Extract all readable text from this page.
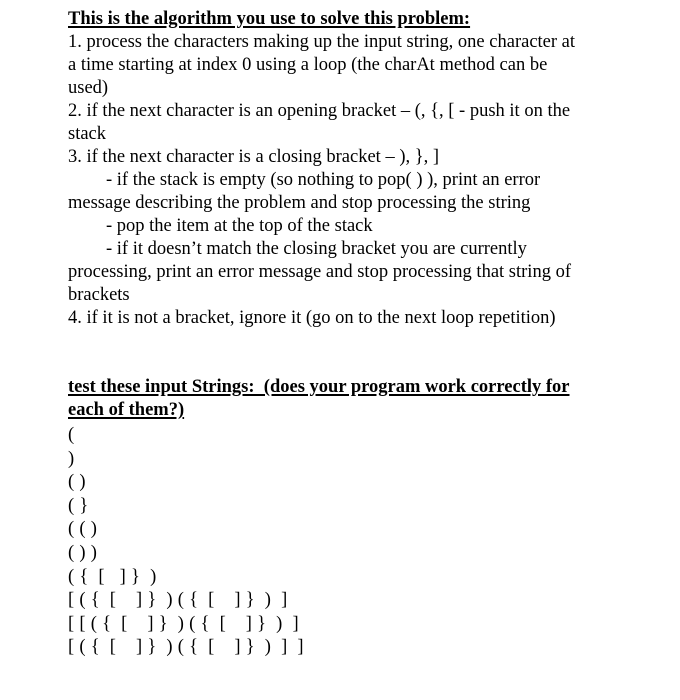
This is the algorithm you use to solve this problem:
1. process the characters making up the input string, one character at
a time starting at index 0 using a loop (the charAt method can be
used)
2. if the next character is an opening bracket – (, {, [ - push it on the
stack
3. if the next character is a closing bracket – ), }, ]
- if the stack is empty (so nothing to pop( ) ), print an error
message describing the problem and stop processing the string
- pop the item at the top of the stack
- if it doesn’t match the closing bracket you are currently
processing, print an error message and stop processing that string of
brackets
4. if it is not a bracket, ignore it (go on to the next loop repetition)
test these input Strings:  (does your program work correctly for
each of them?)
(
)
( )
( }
( ( )
( ) )
( {  [   ] }  )
[ ( {  [    ] }  ) ( {  [    ] }  )  ]
[ [ ( {  [    ] }  ) ( {  [    ] }  )  ]
[ ( {  [    ] }  ) ( {  [    ] }  )  ]  ]
